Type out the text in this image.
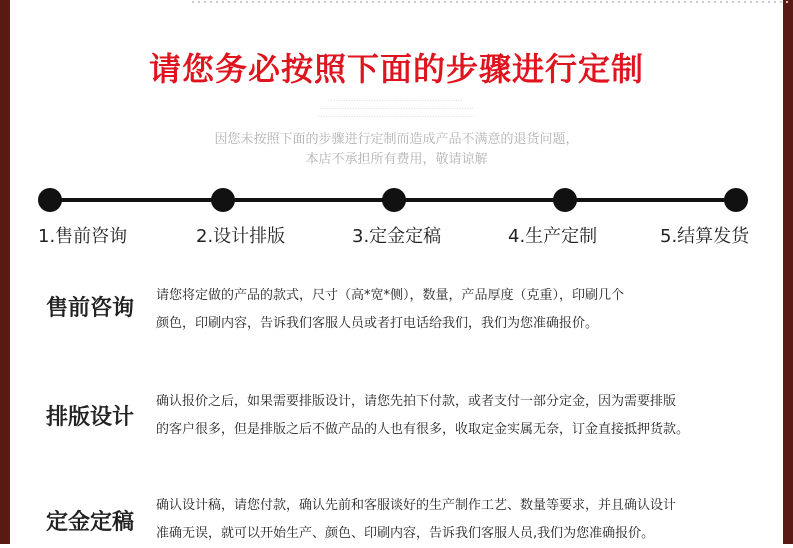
请您务必按照下面的步骤进行定制
· · · · · · · · · · · · · · · · · · · · · · · · · · · · · · · · · · · · · · · · · · · · · · · · · · · ·
· · · · · · · · · · · · · · · · · · · · · · · · · · · · · · · · · · · · · · · · · · · · · · · · · · · · · · · · · · · · ·
· · · · · · · · · · · · · · · · · · · · · · · · · · · · · · · · · · · · · · · · · · · · · · · · · · · · · · · · · · · · · ·
因您未按照下面的步骤进行定制而造成产品不满意的退货问题，
本店不承担所有费用，敬请谅解
1.售前咨询	2.设计排版	3.定金定稿	4.生产定制	5.结算发货
售前咨询
请您将定做的产品的款式，尺寸（高*宽*侧），数量，产品厚度（克重），印刷几个
颜色，印刷内容，告诉我们客服人员或者打电话给我们，我们为您准确报价。
排版设计
确认报价之后，如果需要排版设计，请您先拍下付款，或者支付一部分定金，因为需要排版
的客户很多，但是排版之后不做产品的人也有很多，收取定金实属无奈，订金直接抵押货款。
定金定稿
确认设计稿，请您付款，确认先前和客服谈好的生产制作工艺、数量等要求，并且确认设计
准确无误，就可以开始生产、颜色、印刷内容，告诉我们客服人员,我们为您准确报价。
